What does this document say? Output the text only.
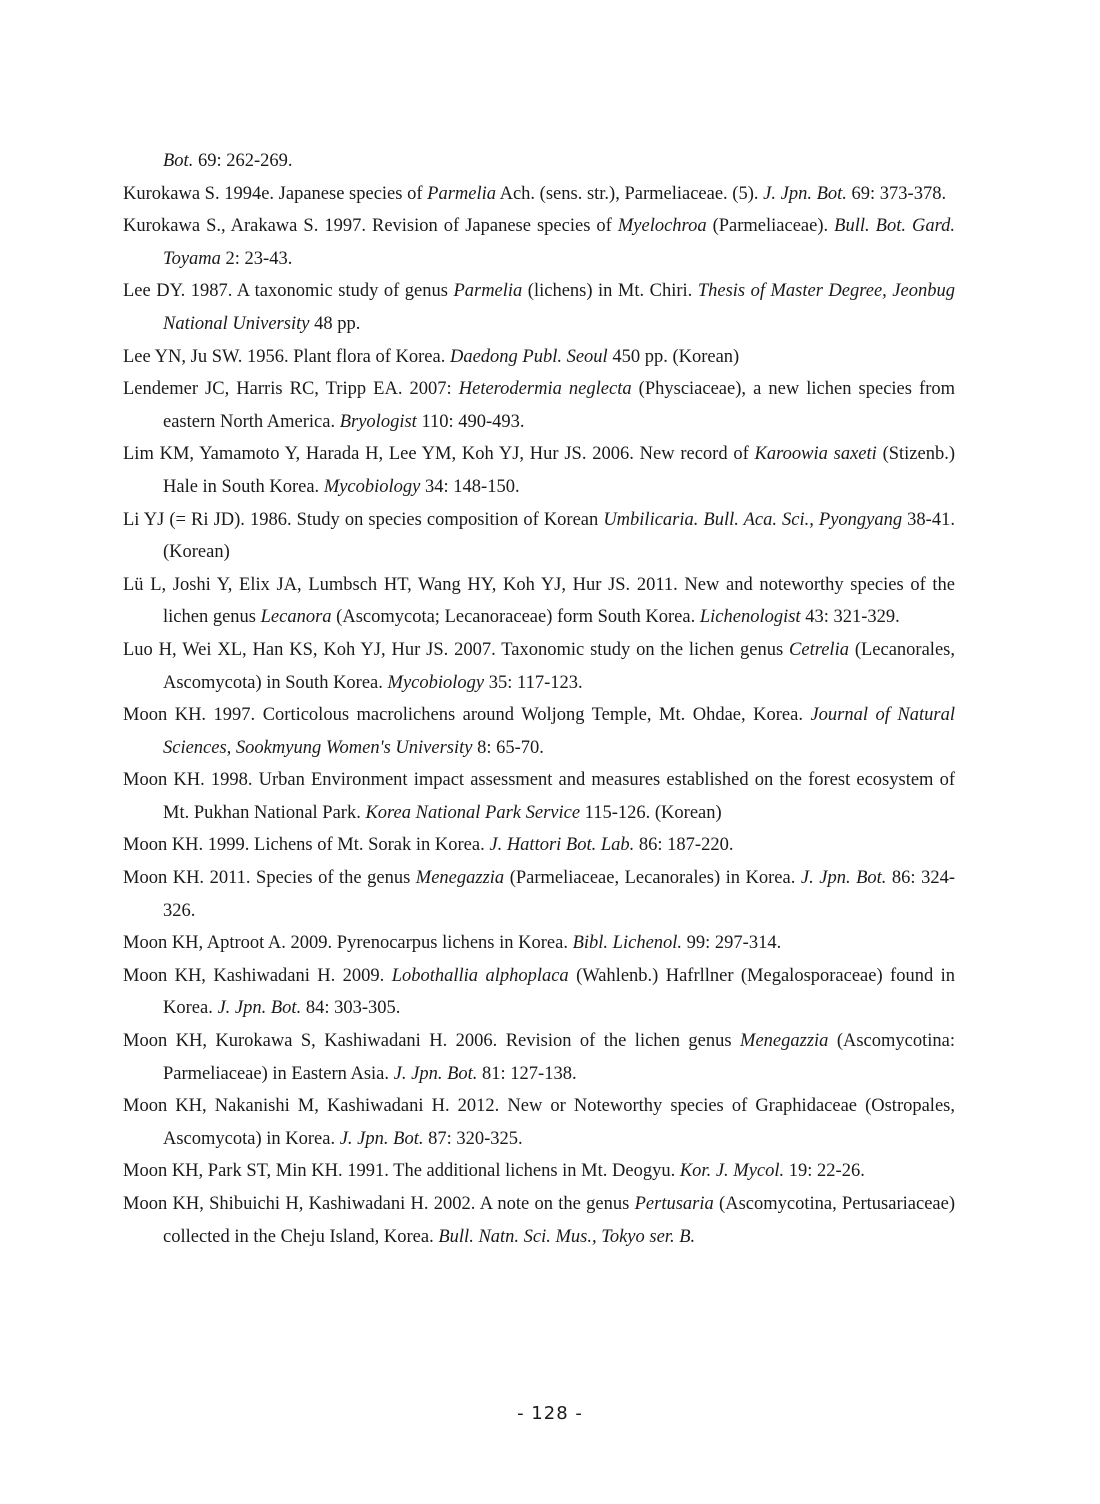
Bot. 69: 262-269.

Kurokawa S. 1994e. Japanese species of Parmelia Ach. (sens. str.), Parmeliaceae. (5). J. Jpn. Bot. 69: 373-378.

Kurokawa S., Arakawa S. 1997. Revision of Japanese species of Myelochroa (Parmeliaceae). Bull. Bot. Gard. Toyama 2: 23-43.

Lee DY. 1987. A taxonomic study of genus Parmelia (lichens) in Mt. Chiri. Thesis of Master Degree, Jeonbug National University 48 pp.

Lee YN, Ju SW. 1956. Plant flora of Korea. Daedong Publ. Seoul 450 pp. (Korean)

Lendemer JC, Harris RC, Tripp EA. 2007: Heterodermia neglecta (Physciaceae), a new lichen species from eastern North America. Bryologist 110: 490-493.

Lim KM, Yamamoto Y, Harada H, Lee YM, Koh YJ, Hur JS. 2006. New record of Karoowia saxeti (Stizenb.) Hale in South Korea. Mycobiology 34: 148-150.

Li YJ (= Ri JD). 1986. Study on species composition of Korean Umbilicaria. Bull. Aca. Sci., Pyongyang 38-41. (Korean)

Lü L, Joshi Y, Elix JA, Lumbsch HT, Wang HY, Koh YJ, Hur JS. 2011. New and noteworthy species of the lichen genus Lecanora (Ascomycota; Lecanoraceae) form South Korea. Lichenologist 43: 321-329.

Luo H, Wei XL, Han KS, Koh YJ, Hur JS. 2007. Taxonomic study on the lichen genus Cetrelia (Lecanorales, Ascomycota) in South Korea. Mycobiology 35: 117-123.

Moon KH. 1997. Corticolous macrolichens around Woljong Temple, Mt. Ohdae, Korea. Journal of Natural Sciences, Sookmyung Women's University 8: 65-70.

Moon KH. 1998. Urban Environment impact assessment and measures established on the forest ecosystem of Mt. Pukhan National Park. Korea National Park Service 115-126. (Korean)

Moon KH. 1999. Lichens of Mt. Sorak in Korea. J. Hattori Bot. Lab. 86: 187-220.

Moon KH. 2011. Species of the genus Menegazzia (Parmeliaceae, Lecanorales) in Korea. J. Jpn. Bot. 86: 324-326.

Moon KH, Aptroot A. 2009. Pyrenocarpus lichens in Korea. Bibl. Lichenol. 99: 297-314.

Moon KH, Kashiwadani H. 2009. Lobothallia alphoplaca (Wahlenb.) Hafrllner (Megalosporaceae) found in Korea. J. Jpn. Bot. 84: 303-305.

Moon KH, Kurokawa S, Kashiwadani H. 2006. Revision of the lichen genus Menegazzia (Ascomycotina: Parmeliaceae) in Eastern Asia. J. Jpn. Bot. 81: 127-138.

Moon KH, Nakanishi M, Kashiwadani H. 2012. New or Noteworthy species of Graphidaceae (Ostropales, Ascomycota) in Korea. J. Jpn. Bot. 87: 320-325.

Moon KH, Park ST, Min KH. 1991. The additional lichens in Mt. Deogyu. Kor. J. Mycol. 19: 22-26.

Moon KH, Shibuichi H, Kashiwadani H. 2002. A note on the genus Pertusaria (Ascomycotina, Pertusariaceae) collected in the Cheju Island, Korea. Bull. Natn. Sci. Mus., Tokyo ser. B.

- 128 -
